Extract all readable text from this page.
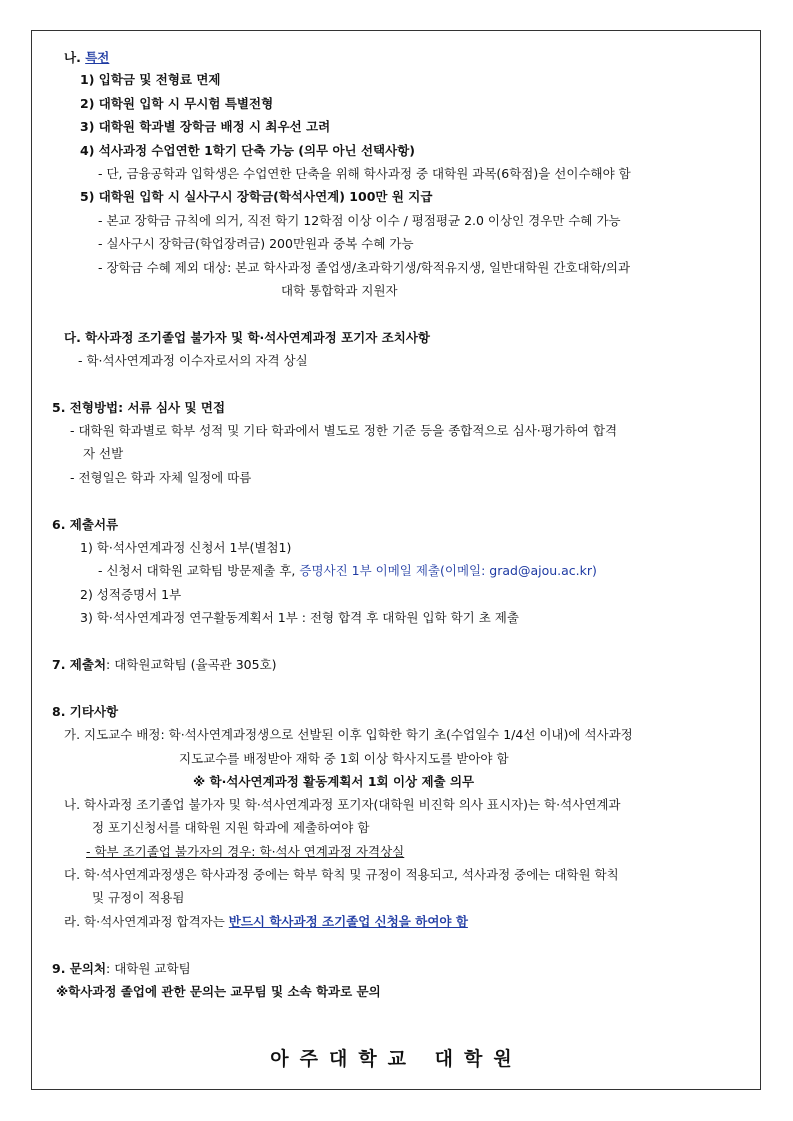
나. 특전
1) 입학금 및 전형료 면제
2) 대학원 입학 시 무시험 특별전형
3) 대학원 학과별 장학금 배정 시 최우선 고려
4) 석사과정 수업연한 1학기 단축 가능 (의무 아닌 선택사항)
- 단, 금융공학과 입학생은 수업연한 단축을 위해 학사과정 중 대학원 과목(6학점)을 선이수해야 함
5) 대학원 입학 시 실사구시 장학금(학석사연계) 100만 원 지급
- 본교 장학금 규칙에 의거, 직전 학기 12학점 이상 이수 / 평점평균 2.0 이상인 경우만 수혜 가능
- 실사구시 장학금(학업장려금) 200만원과 중복 수혜 가능
- 장학금 수혜 제외 대상: 본교 학사과정 졸업생/초과학기생/학적유지생, 일반대학원 간호대학/의과
대학 통합학과 지원자
다. 학사과정 조기졸업 불가자 및 학·석사연계과정 포기자 조치사항
- 학·석사연계과정 이수자로서의 자격 상실
5. 전형방법: 서류 심사 및 면접
- 대학원 학과별로 학부 성적 및 기타 학과에서 별도로 정한 기준 등을 종합적으로 심사·평가하여 합격
자 선발
- 전형일은 학과 자체 일정에 따름
6. 제출서류
1) 학·석사연계과정 신청서 1부(별첨1)
- 신청서 대학원 교학팀 방문제출 후, 증명사진 1부 이메일 제출(이메일: grad@ajou.ac.kr)
2) 성적증명서 1부
3) 학·석사연계과정 연구활동계획서 1부 : 전형 합격 후 대학원 입학 학기 초 제출
7. 제출처: 대학원교학팀 (율곡관 305호)
8. 기타사항
가. 지도교수 배정: 학·석사연계과정생으로 선발된 이후 입학한 학기 초(수업일수 1/4선 이내)에 석사과정
지도교수를 배정받아 재학 중 1회 이상 학사지도를 받아야 함
※ 학·석사연계과정 활동계획서 1회 이상 제출 의무
나. 학사과정 조기졸업 불가자 및 학·석사연계과정 포기자(대학원 비진학 의사 표시자)는 학·석사연계과
정 포기신청서를 대학원 지원 학과에 제출하여야 함
- 학부 조기졸업 불가자의 경우: 학·석사 연계과정 자격상실
다. 학·석사연계과정생은 학사과정 중에는 학부 학칙 및 규정이 적용되고, 석사과정 중에는 대학원 학칙
및 규정이 적용됨
라. 학·석사연계과정 합격자는 반드시 학사과정 조기졸업 신청을 하여야 함
9. 문의처: 대학원 교학팀
※학사과정 졸업에 관한 문의는 교무팀 및 소속 학과로 문의
아주대학교 대학원
